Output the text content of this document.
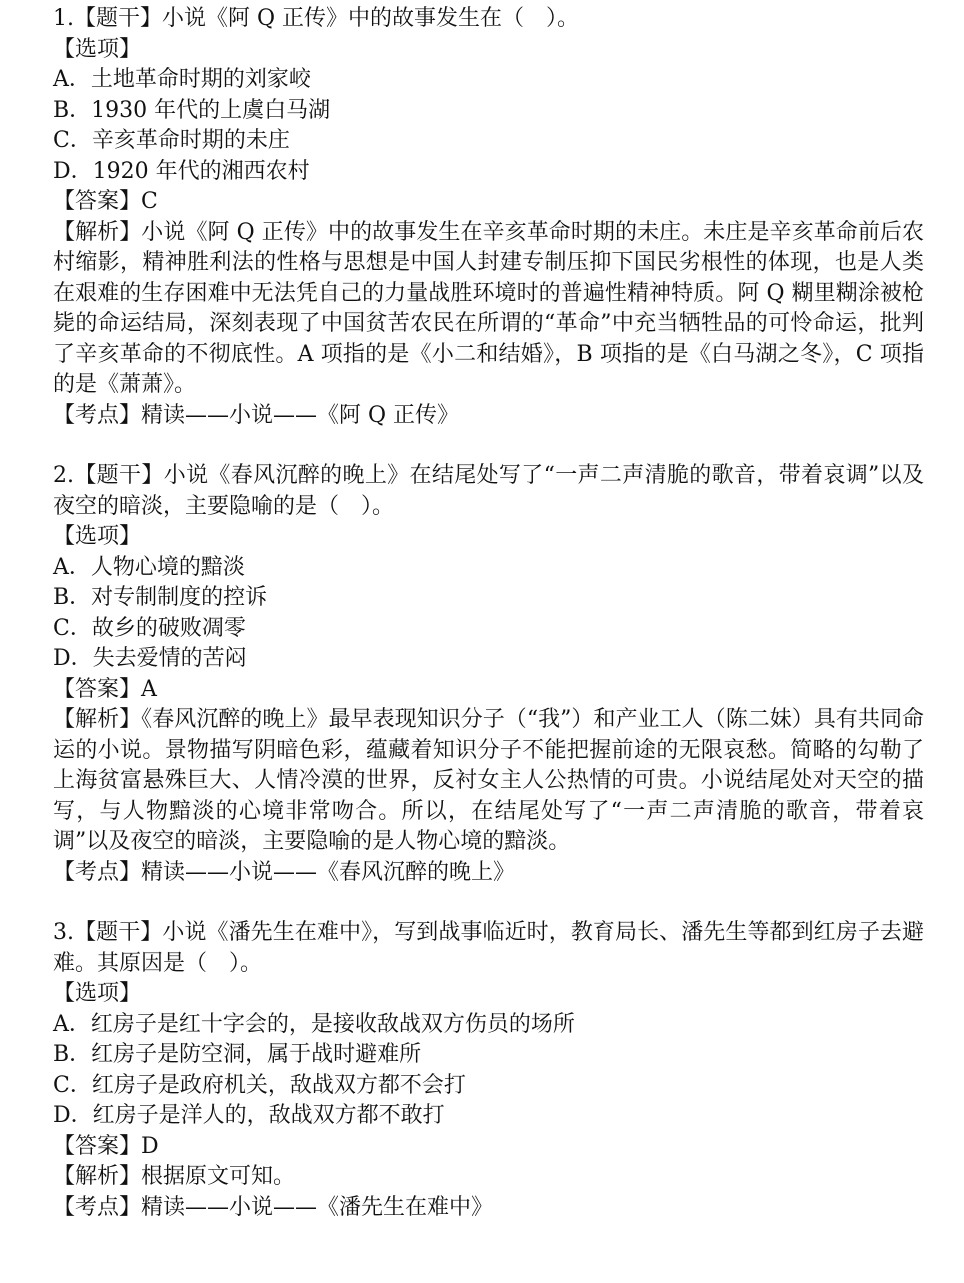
1.【题干】小说《阿 Q 正传》中的故事发生在（　）。
【选项】
A．土地革命时期的刘家峧
B．1930 年代的上虞白马湖
C．辛亥革命时期的未庄
D．1920 年代的湘西农村
【答案】C
【解析】小说《阿 Q 正传》中的故事发生在辛亥革命时期的未庄。未庄是辛亥革命前后农村缩影，精神胜利法的性格与思想是中国人封建专制压抑下国民劣根性的体现，也是人类在艰难的生存困难中无法凭自己的力量战胜环境时的普遍性精神特质。阿 Q 糊里糊涂被枪毙的命运结局，深刻表现了中国贫苦农民在所谓的“革命”中充当牺牲品的可怜命运，批判了辛亥革命的不彻底性。A 项指的是《小二和结婚》，B 项指的是《白马湖之冬》，C 项指的是《萧萧》。
【考点】精读——小说——《阿 Q 正传》
2.【题干】小说《春风沉醉的晚上》在结尾处写了“一声二声清脆的歌音，带着哀调”以及夜空的暗淡，主要隐喻的是（　）。
【选项】
A．人物心境的黯淡
B．对专制制度的控诉
C．故乡的破败凋零
D．失去爱情的苦闷
【答案】A
【解析】《春风沉醉的晚上》最早表现知识分子（“我”）和产业工人（陈二妹）具有共同命运的小说。景物描写阴暗色彩，蕴藏着知识分子不能把握前途的无限哀愁。简略的勾勒了上海贫富悬殊巨大、人情冷漠的世界，反衬女主人公热情的可贵。小说结尾处对天空的描写，与人物黯淡的心境非常吻合。所以，在结尾处写了“一声二声清脆的歌音，带着哀调”以及夜空的暗淡，主要隐喻的是人物心境的黯淡。
【考点】精读——小说——《春风沉醉的晚上》
3.【题干】小说《潘先生在难中》，写到战事临近时，教育局长、潘先生等都到红房子去避难。其原因是（　）。
【选项】
A．红房子是红十字会的，是接收敌战双方伤员的场所
B．红房子是防空洞，属于战时避难所
C．红房子是政府机关，敌战双方都不会打
D．红房子是洋人的，敌战双方都不敢打
【答案】D
【解析】根据原文可知。
【考点】精读——小说——《潘先生在难中》
